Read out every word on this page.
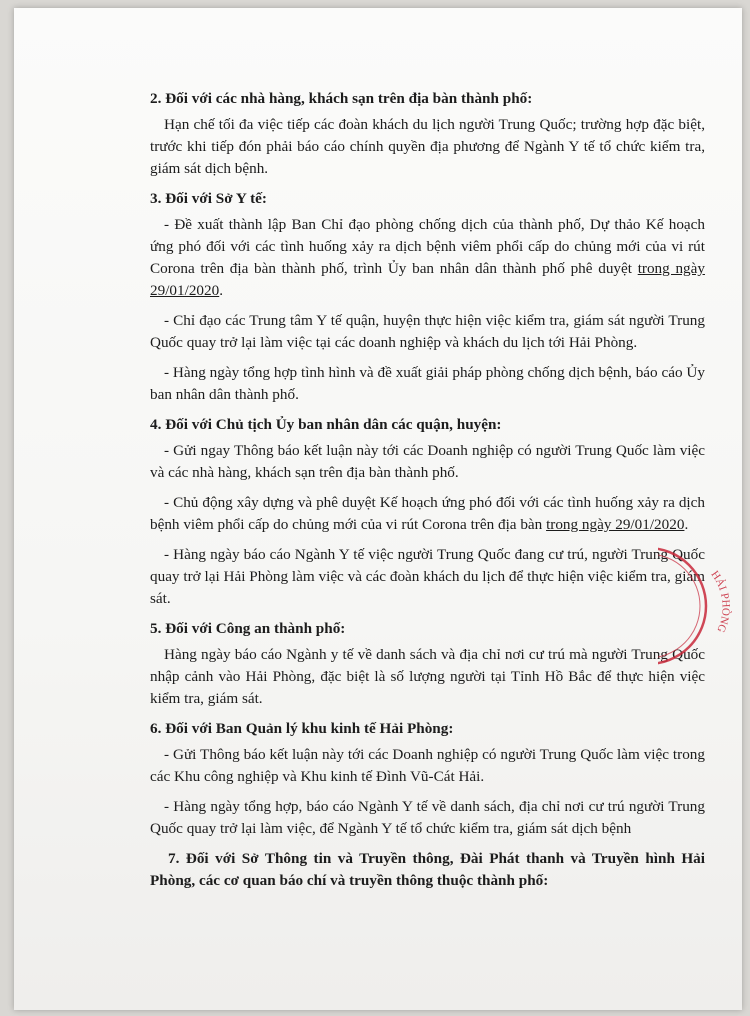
2. Đối với các nhà hàng, khách sạn trên địa bàn thành phố:
Hạn chế tối đa việc tiếp các đoàn khách du lịch người Trung Quốc; trường hợp đặc biệt, trước khi tiếp đón phải báo cáo chính quyền địa phương để Ngành Y tế tổ chức kiểm tra, giám sát dịch bệnh.
3. Đối với Sở Y tế:
- Đề xuất thành lập Ban Chỉ đạo phòng chống dịch của thành phố, Dự thảo Kế hoạch ứng phó đối với các tình huống xảy ra dịch bệnh viêm phổi cấp do chủng mới của vi rút Corona trên địa bàn thành phố, trình Ủy ban nhân dân thành phố phê duyệt trong ngày 29/01/2020.
- Chỉ đạo các Trung tâm Y tế quận, huyện thực hiện việc kiểm tra, giám sát người Trung Quốc quay trở lại làm việc tại các doanh nghiệp và khách du lịch tới Hải Phòng.
- Hàng ngày tổng hợp tình hình và đề xuất giải pháp phòng chống dịch bệnh, báo cáo Ủy ban nhân dân thành phố.
4. Đối với Chủ tịch Ủy ban nhân dân các quận, huyện:
- Gửi ngay Thông báo kết luận này tới các Doanh nghiệp có người Trung Quốc làm việc và các nhà hàng, khách sạn trên địa bàn thành phố.
- Chủ động xây dựng và phê duyệt Kế hoạch ứng phó đối với các tình huống xảy ra dịch bệnh viêm phổi cấp do chủng mới của vi rút Corona trên địa bàn trong ngày 29/01/2020.
- Hàng ngày báo cáo Ngành Y tế việc người Trung Quốc đang cư trú, người Trung Quốc quay trở lại Hải Phòng làm việc và các đoàn khách du lịch để thực hiện việc kiểm tra, giám sát.
5. Đối với Công an thành phố:
Hàng ngày báo cáo Ngành y tế về danh sách và địa chỉ nơi cư trú mà người Trung Quốc nhập cảnh vào Hải Phòng, đặc biệt là số lượng người tại Tỉnh Hồ Bắc để thực hiện việc kiểm tra, giám sát.
6. Đối với Ban Quản lý khu kinh tế Hải Phòng:
- Gửi Thông báo kết luận này tới các Doanh nghiệp có người Trung Quốc làm việc trong các Khu công nghiệp và Khu kinh tế Đình Vũ-Cát Hải.
- Hàng ngày tổng hợp, báo cáo Ngành Y tế về danh sách, địa chỉ nơi cư trú người Trung Quốc quay trở lại làm việc, để Ngành Y tế tổ chức kiểm tra, giám sát dịch bệnh
7. Đối với Sở Thông tin và Truyền thông, Đài Phát thanh và Truyền hình Hải Phòng, các cơ quan báo chí và truyền thông thuộc thành phố:
HẢI PHÒNG
